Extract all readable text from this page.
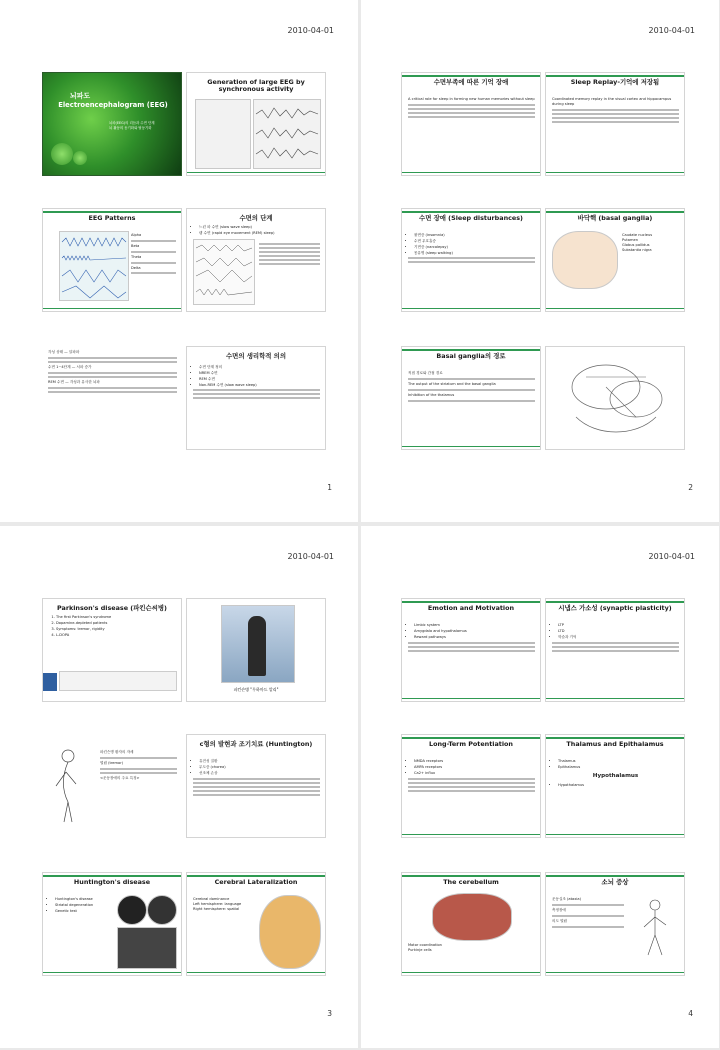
2010-04-01
뇌파도
Electroencephalogram (EEG)
뇌파(EEG)의 리듬과 수면 단계
뇌 활동의 동기화와 탈동기화
Generation of large EEG by synchronous activity
EEG Patterns
Alpha
Beta
Theta
Delta
수면의 단계
• 느린 파 수면 (slow wave sleep)
• 렘 수면 (rapid eye movement (REM) sleep)
각성 상태 — 알파파
수면 1~4단계 — 서파 증가
REM 수면 — 각성과 유사한 뇌파
수면의 생리학적 의의
• 수면 단계 정의
• NREM 수면
• REM 수면
• Non-REM 수면 (slow wave sleep)
1
2010-04-01
수면부족에 따른 기억 장애
A critical role for sleep in forming new human memories without sleep
Sleep Replay-기억에 저장됨
Coordinated memory replay in the visual cortex and hippocampus during sleep
수면 장애 (Sleep disturbances)
• 불면증 (insomnia)
• 수면 무호흡증
• 기면증 (narcolepsy)
• 몽유병 (sleep walking)
바닥핵 (basal ganglia)
Caudate nucleus
Putamen
Globus pallidus
Substantia nigra
Basal ganglia의 경로
직접 경로와 간접 경로
The output of the striatum and the basal ganglia
Inhibition of the thalamus
2
2010-04-01
Parkinson's disease (파킨슨씨병)
1. The first Parkinson's syndrome
2. Dopamine-depleted patients
3. Symptoms: tremor, rigidity
4. L-DOPA
파킨슨병 "무하마드 알리"
파킨슨병 환자의 자세
떨림 (tremor)
<운동장애의 주요 특징>
c형의 발현과 조기치료 (Huntington)
• 유전성 질환
• 무도증 (chorea)
• 선조체 손상
Huntington's disease
• Huntington's disease
• Striatal degeneration
• Genetic test
Cerebral Lateralization
Cerebral dominance
Left hemisphere: language
Right hemisphere: spatial
3
2010-04-01
Emotion and Motivation
• Limbic system
• Amygdala and hypothalamus
• Reward pathways
시냅스 가소성 (synaptic plasticity)
• LTP
• LTD
• 학습과 기억
Long-Term Potentiation
• NMDA receptors
• AMPA receptors
• Ca2+ influx
Thalamus and Epithalamus
• Thalamus
• Epithalamus
Hypothalamus
• Hypothalamus
The cerebellum
Motor coordination
Purkinje cells
소뇌 증상
운동실조 (ataxia)
측정장애
의도 떨림
4
